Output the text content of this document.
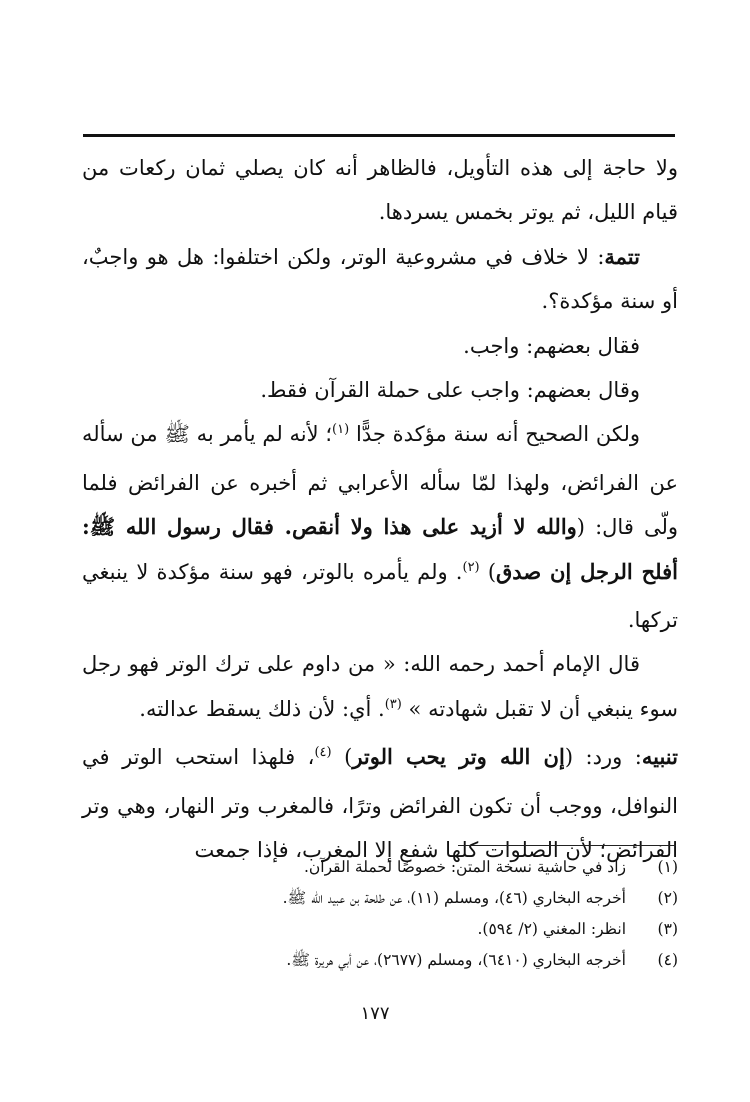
ولا حاجة إلى هذه التأويل، فالظاهر أنه كان يصلي ثمان ركعات من قيام الليل، ثم يوتر بخمس يسردها.

تتمة: لا خلاف في مشروعية الوتر، ولكن اختلفوا: هل هو واجبٌ، أو سنة مؤكدة؟.

فقال بعضهم: واجب.

وقال بعضهم: واجب على حملة القرآن فقط.

ولكن الصحيح أنه سنة مؤكدة جدًّا $^{(١)}$؛ لأنه لم يأمر به ﷺ من سأله عن الفرائض، ولهذا لمّا سأله الأعرابي ثم أخبره عن الفرائض فلما ولّى قال: (والله لا أزيد على هذا ولا أنقص. فقال رسول الله ﷺ: أفلح الرجل إن صدق) $^{(٢)}$. ولم يأمره بالوتر، فهو سنة مؤكدة لا ينبغي تركها.

قال الإمام أحمد رحمه الله: « من داوم على ترك الوتر فهو رجل سوء ينبغي أن لا تقبل شهادته » $^{(٣)}$. أي: لأن ذلك يسقط عدالته.

تنبيه: ورد: (إن الله وتر يحب الوتر) $^{(٤)}$، فلهذا استحب الوتر في النوافل، ووجب أن تكون الفرائض وترًا، فالمغرب وتر النهار، وهي وتر الفرائض؛ لأن الصلوات كلها شفع إلا المغرب، فإذا جمعت

(١)
زاد في حاشية نسخة المتن: خصوصًا لحملة القرآن.
(٢)
أخرجه البخاري (٤٦)، ومسلم (١١)، عن طلحة بن عبيد الله ﷺ.
(٣)
انظر: المغني (٢/ ٥٩٤).
(٤)
أخرجه البخاري (٦٤١٠)، ومسلم (٢٦٧٧)، عن أبي هريرة ﷺ.
١٧٧
